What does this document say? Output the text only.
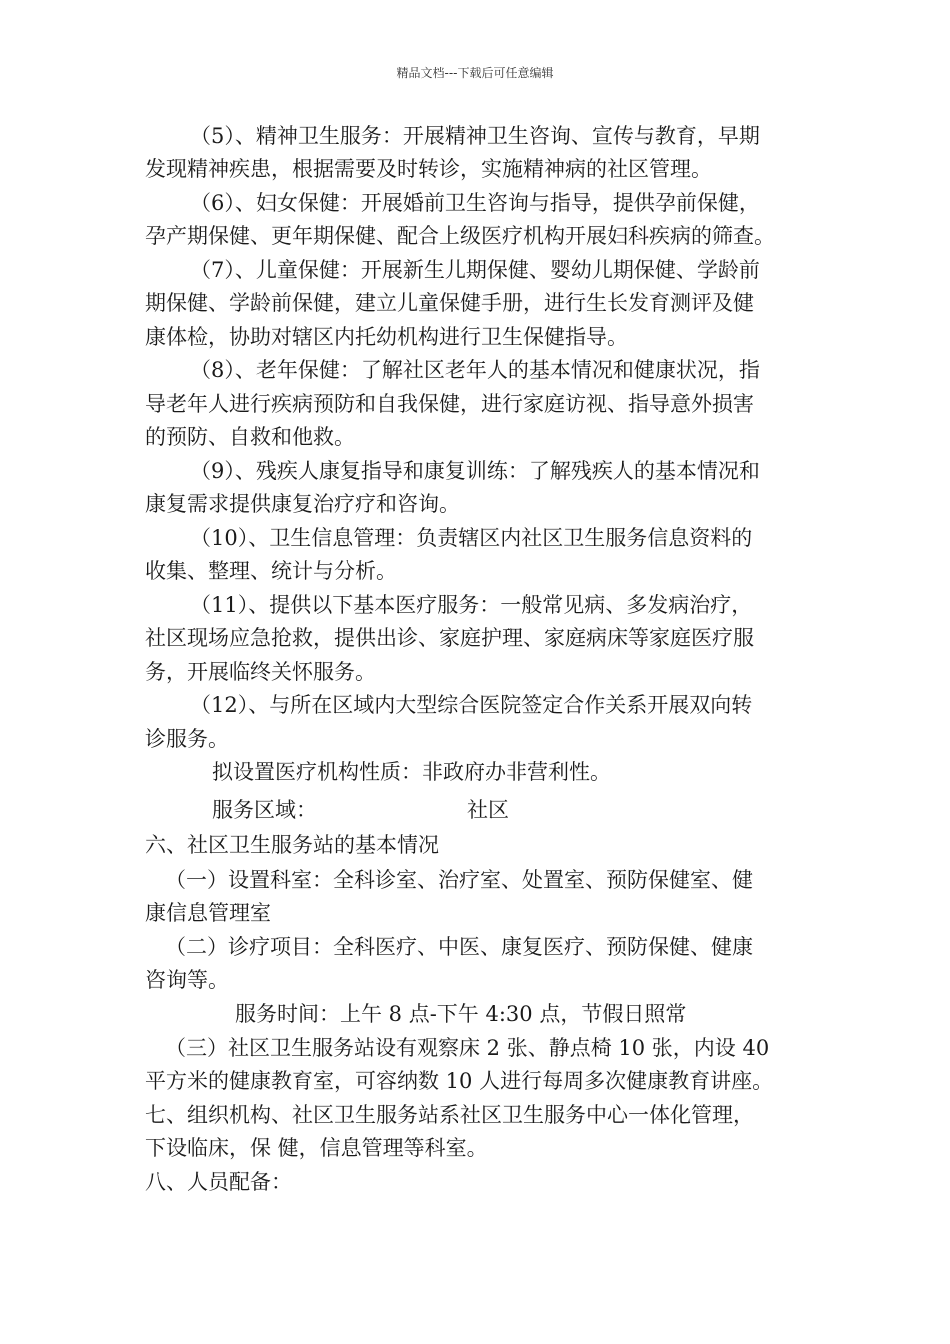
精品文档---下载后可任意编辑
（5）、精神卫生服务：开展精神卫生咨询、宣传与教育，早期
发现精神疾患，根据需要及时转诊，实施精神病的社区管理。
（6）、妇女保健：开展婚前卫生咨询与指导，提供孕前保健，
孕产期保健、更年期保健、配合上级医疗机构开展妇科疾病的筛查。
（7）、儿童保健：开展新生儿期保健、婴幼儿期保健、学龄前
期保健、学龄前保健，建立儿童保健手册，进行生长发育测评及健
康体检，协助对辖区内托幼机构进行卫生保健指导。
（8）、老年保健：了解社区老年人的基本情况和健康状况，指
导老年人进行疾病预防和自我保健，进行家庭访视、指导意外损害
的预防、自救和他救。
（9）、残疾人康复指导和康复训练：了解残疾人的基本情况和
康复需求提供康复治疗疗和咨询。
（10）、卫生信息管理：负责辖区内社区卫生服务信息资料的
收集、整理、统计与分析。
（11）、提供以下基本医疗服务：一般常见病、多发病治疗，
社区现场应急抢救，提供出诊、家庭护理、家庭病床等家庭医疗服
务，开展临终关怀服务。
（12）、与所在区域内大型综合医院签定合作关系开展双向转
诊服务。
拟设置医疗机构性质：非政府办非营利性。
服务区域：	社区
六、社区卫生服务站的基本情况
（一）设置科室：全科诊室、治疗室、处置室、预防保健室、健
康信息管理室
（二）诊疗项目：全科医疗、中医、康复医疗、预防保健、健康
咨询等。
服务时间：上午 8 点-下午 4:30 点，节假日照常
（三）社区卫生服务站设有观察床 2 张、静点椅 10 张，内设 40
平方米的健康教育室，可容纳数 10 人进行每周多次健康教育讲座。
七、组织机构、社区卫生服务站系社区卫生服务中心一体化管理，
下设临床，保 健，信息管理等科室。
八、人员配备：
